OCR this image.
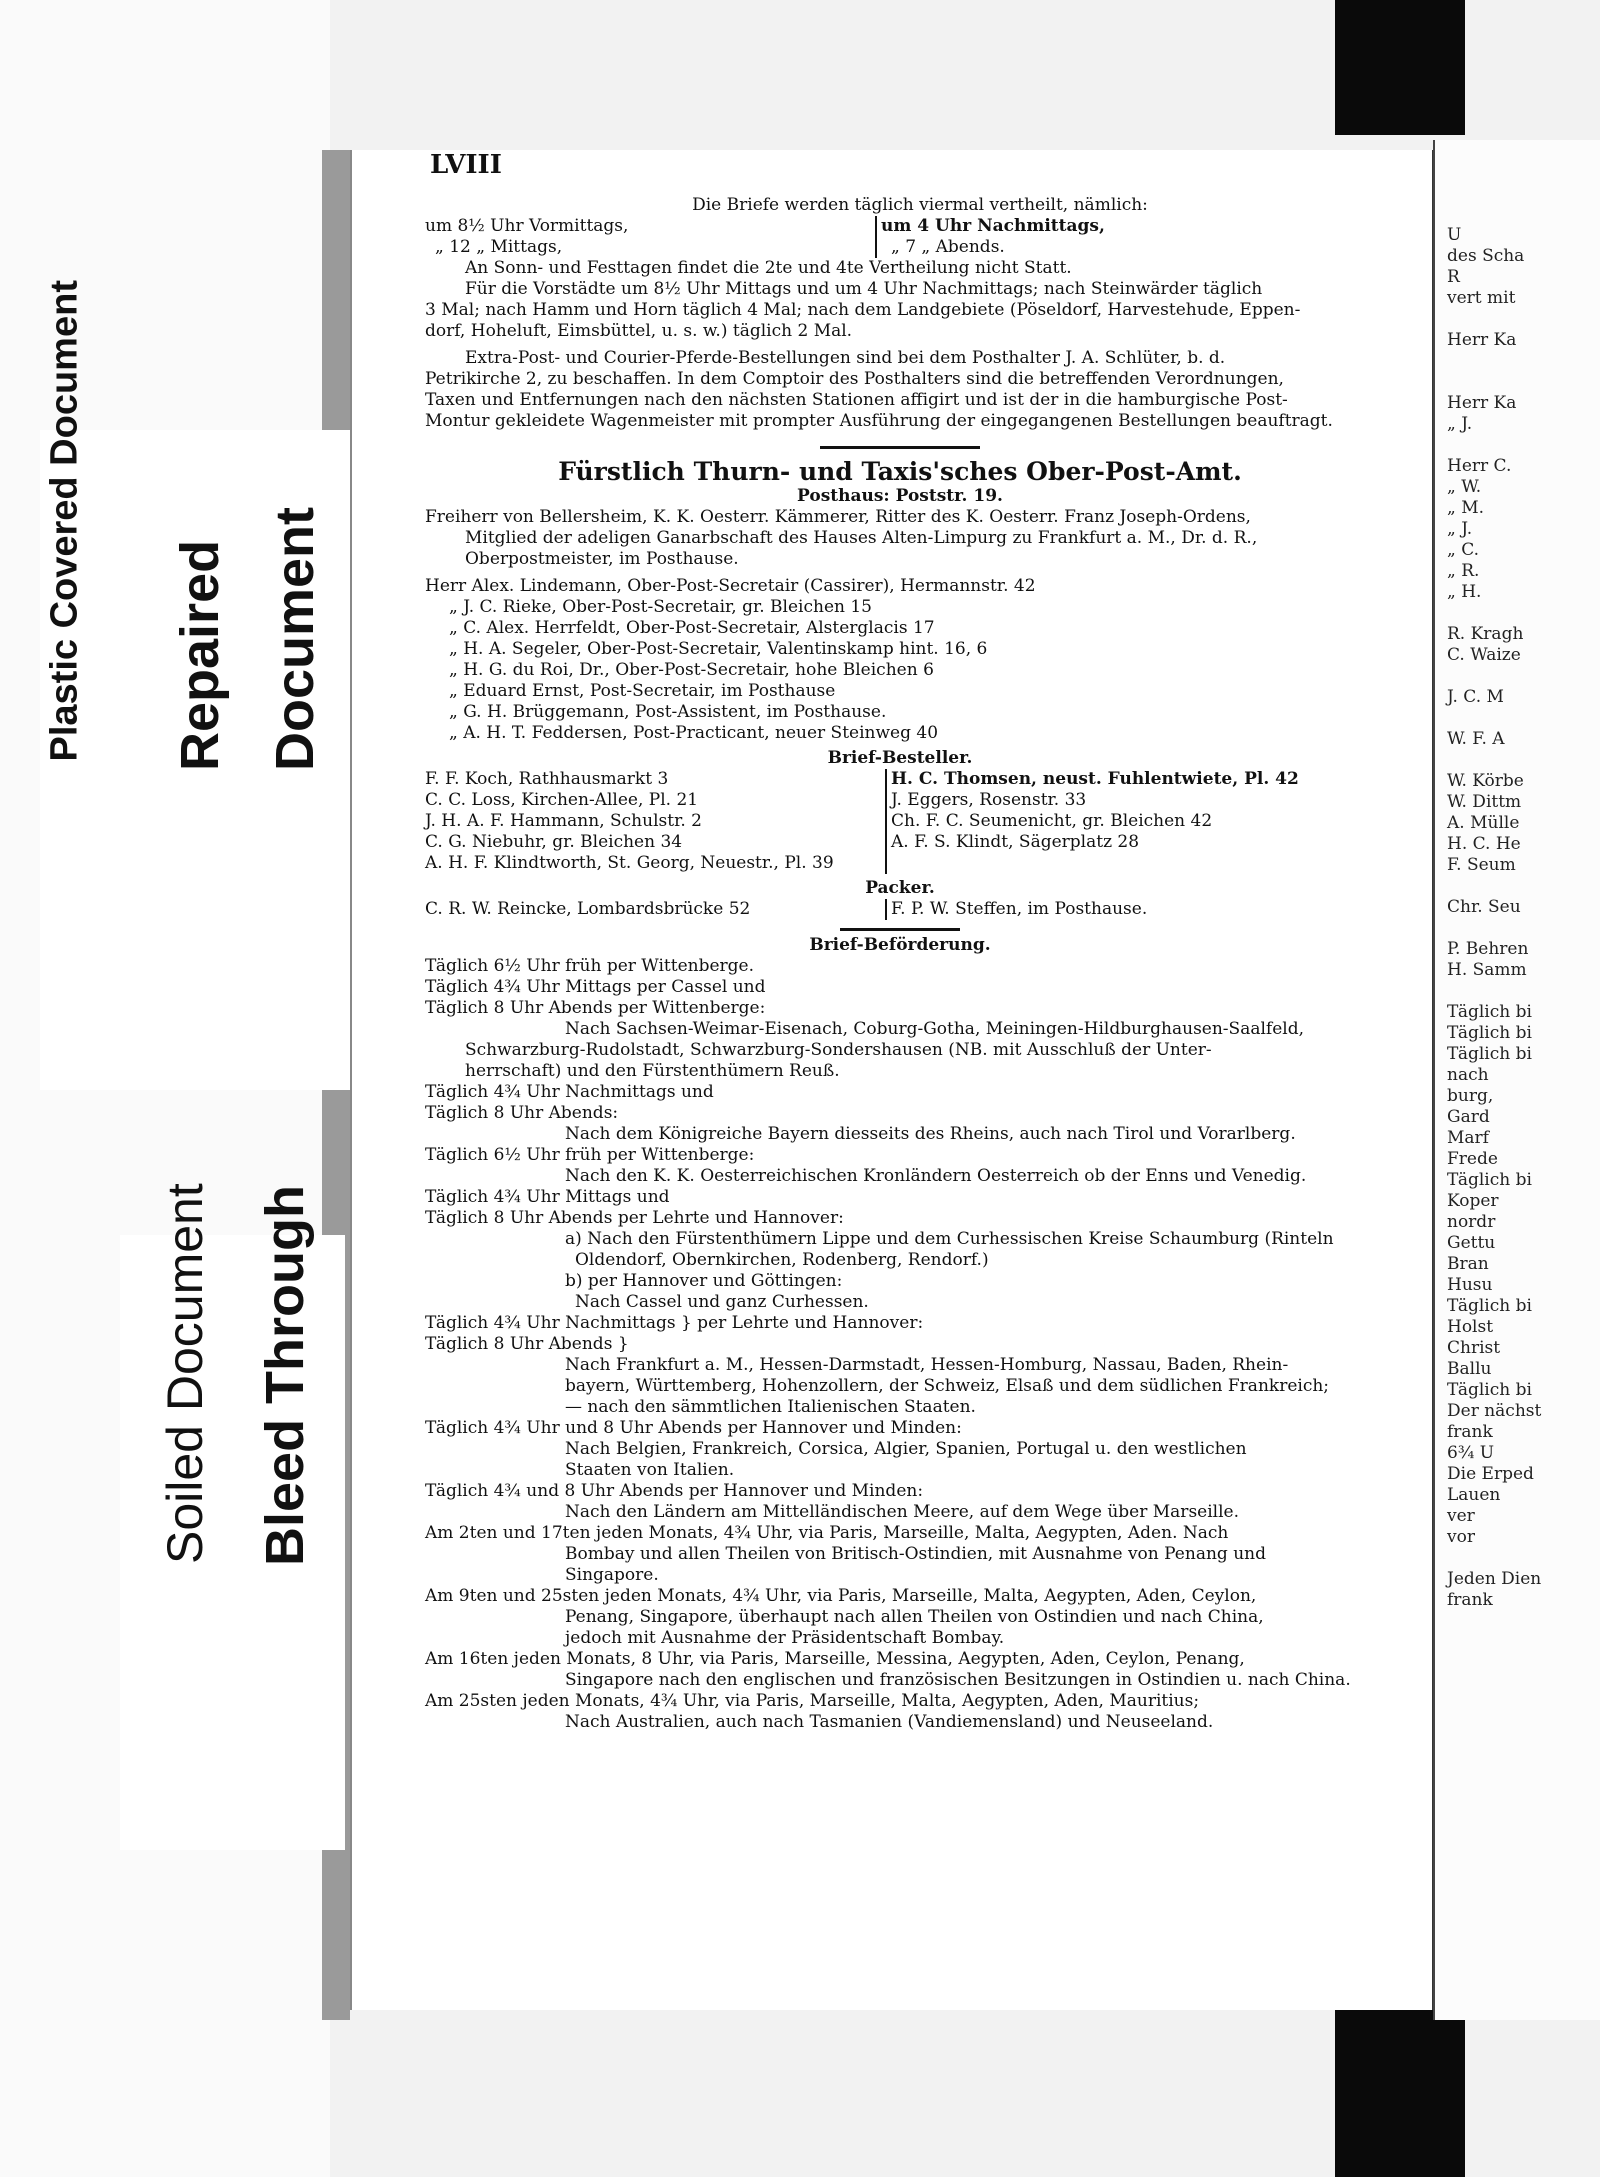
Plastic Covered Document Repaired Document
Soiled Document Bleed Through
U
des Scha
R
vert mit

Herr Ka

Herr Ka
„ J.

Herr C.
„ W.
„ M.
„ J.
„ C.
„ R.
„ H.

R. Kragh
C. Waize

J. C. M

W. F. A

W. Körbe
W. Dittm
A. Mülle
H. C. He
F. Seum

Chr. Seu

P. Behren
H. Samm

Täglich bi
Täglich bi
Täglich bi
nach
burg,
Gard
Marf
Frede
Täglich bi
Koper
nordr
Gettu
Bran
Husu
Täglich bi
Holst
Christ
Ballu
Täglich bi
Der nächst
frank
6¾ U
Die Erped
Lauen
ver
vor

Jeden Dien
frank
LVIII
Die Briefe werden täglich viermal vertheilt, nämlich:
um 8½ Uhr Vormittags,
„ 12 „ Mittags,
um 4 Uhr Nachmittags,
„ 7 „ Abends.
An Sonn- und Festtagen findet die 2te und 4te Vertheilung nicht Statt.
Für die Vorstädte um 8½ Uhr Mittags und um 4 Uhr Nachmittags; nach Steinwärder täglich
3 Mal; nach Hamm und Horn täglich 4 Mal; nach dem Landgebiete (Pöseldorf, Harvestehude, Eppen-
dorf, Hoheluft, Eimsbüttel, u. s. w.) täglich 2 Mal.
Extra-Post- und Courier-Pferde-Bestellungen sind bei dem Posthalter J. A. Schlüter, b. d.
Petrikirche 2, zu beschaffen. In dem Comptoir des Posthalters sind die betreffenden Verordnungen,
Taxen und Entfernungen nach den nächsten Stationen affigirt und ist der in die hamburgische Post-
Montur gekleidete Wagenmeister mit prompter Ausführung der eingegangenen Bestellungen beauftragt.
Fürstlich Thurn- und Taxis'sches Ober-Post-Amt.
Posthaus: Poststr. 19.
Freiherr von Bellersheim, K. K. Oesterr. Kämmerer, Ritter des K. Oesterr. Franz Joseph-Ordens,
Mitglied der adeligen Ganarbschaft des Hauses Alten-Limpurg zu Frankfurt a. M., Dr. d. R.,
Oberpostmeister, im Posthause.
Herr Alex. Lindemann, Ober-Post-Secretair (Cassirer), Hermannstr. 42
„ J. C. Rieke, Ober-Post-Secretair, gr. Bleichen 15
„ C. Alex. Herrfeldt, Ober-Post-Secretair, Alsterglacis 17
„ H. A. Segeler, Ober-Post-Secretair, Valentinskamp hint. 16, 6
„ H. G. du Roi, Dr., Ober-Post-Secretair, hohe Bleichen 6
„ Eduard Ernst, Post-Secretair, im Posthause
„ G. H. Brüggemann, Post-Assistent, im Posthause.
„ A. H. T. Feddersen, Post-Practicant, neuer Steinweg 40
Brief-Besteller.
F. F. Koch, Rathhausmarkt 3
C. C. Loss, Kirchen-Allee, Pl. 21
J. H. A. F. Hammann, Schulstr. 2
C. G. Niebuhr, gr. Bleichen 34
A. H. F. Klindtworth, St. Georg, Neuestr., Pl. 39
H. C. Thomsen, neust. Fuhlentwiete, Pl. 42
J. Eggers, Rosenstr. 33
Ch. F. C. Seumenicht, gr. Bleichen 42
A. F. S. Klindt, Sägerplatz 28
Packer.
C. R. W. Reincke, Lombardsbrücke 52	F. P. W. Steffen, im Posthause.
Brief-Beförderung.
Täglich 6½ Uhr früh per Wittenberge.
Täglich 4¾ Uhr Mittags per Cassel und
Täglich 8 Uhr Abends per Wittenberge:
Nach Sachsen-Weimar-Eisenach, Coburg-Gotha, Meiningen-Hildburghausen-Saalfeld,
Schwarzburg-Rudolstadt, Schwarzburg-Sondershausen (NB. mit Ausschluß der Unter-
herrschaft) und den Fürstenthümern Reuß.
Täglich 4¾ Uhr Nachmittags und
Täglich 8 Uhr Abends:
Nach dem Königreiche Bayern diesseits des Rheins, auch nach Tirol und Vorarlberg.
Täglich 6½ Uhr früh per Wittenberge:
Nach den K. K. Oesterreichischen Kronländern Oesterreich ob der Enns und Venedig.
Täglich 4¾ Uhr Mittags und
Täglich 8 Uhr Abends per Lehrte und Hannover:
a) Nach den Fürstenthümern Lippe und dem Curhessischen Kreise Schaumburg (Rinteln
Oldendorf, Obernkirchen, Rodenberg, Rendorf.)
b) per Hannover und Göttingen:
Nach Cassel und ganz Curhessen.
Täglich 4¾ Uhr Nachmittags } per Lehrte und Hannover:
Täglich 8 Uhr Abends }
Nach Frankfurt a. M., Hessen-Darmstadt, Hessen-Homburg, Nassau, Baden, Rhein-
bayern, Württemberg, Hohenzollern, der Schweiz, Elsaß und dem südlichen Frankreich;
— nach den sämmtlichen Italienischen Staaten.
Täglich 4¾ Uhr und 8 Uhr Abends per Hannover und Minden:
Nach Belgien, Frankreich, Corsica, Algier, Spanien, Portugal u. den westlichen
Staaten von Italien.
Täglich 4¾ und 8 Uhr Abends per Hannover und Minden:
Nach den Ländern am Mittelländischen Meere, auf dem Wege über Marseille.
Am 2ten und 17ten jeden Monats, 4¾ Uhr, via Paris, Marseille, Malta, Aegypten, Aden. Nach
Bombay und allen Theilen von Britisch-Ostindien, mit Ausnahme von Penang und
Singapore.
Am 9ten und 25sten jeden Monats, 4¾ Uhr, via Paris, Marseille, Malta, Aegypten, Aden, Ceylon,
Penang, Singapore, überhaupt nach allen Theilen von Ostindien und nach China,
jedoch mit Ausnahme der Präsidentschaft Bombay.
Am 16ten jeden Monats, 8 Uhr, via Paris, Marseille, Messina, Aegypten, Aden, Ceylon, Penang,
Singapore nach den englischen und französischen Besitzungen in Ostindien u. nach China.
Am 25sten jeden Monats, 4¾ Uhr, via Paris, Marseille, Malta, Aegypten, Aden, Mauritius;
Nach Australien, auch nach Tasmanien (Vandiemensland) und Neuseeland.
